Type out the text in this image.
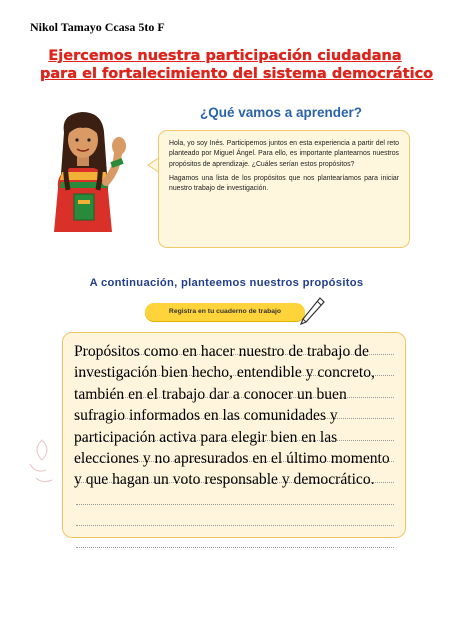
Nikol Tamayo Ccasa 5to F
Ejercemos nuestra participación ciudadana
para el fortalecimiento del sistema democrático
¿Qué vamos a aprender?

Hola, yo soy Inés. Participemos juntos en esta experiencia a partir del reto planteado por Miguel Ángel. Para ello, es importante plantearnos nuestros propósitos de aprendizaje. ¿Cuáles serían estos propósitos?

Hagamos una lista de los propósitos que nos plantearíamos para iniciar nuestro trabajo de investigación.

A continuación, planteemos nuestros propósitos
Registra en tu cuaderno de trabajo
Propósitos como en hacer nuestro de trabajo de investigación bien hecho, entendible y concreto, también en el trabajo dar a conocer un buen sufragio informados en las comunidades y participación activa para elegir bien en las elecciones y no apresurados en el último momento y que hagan un voto responsable y democrático.
